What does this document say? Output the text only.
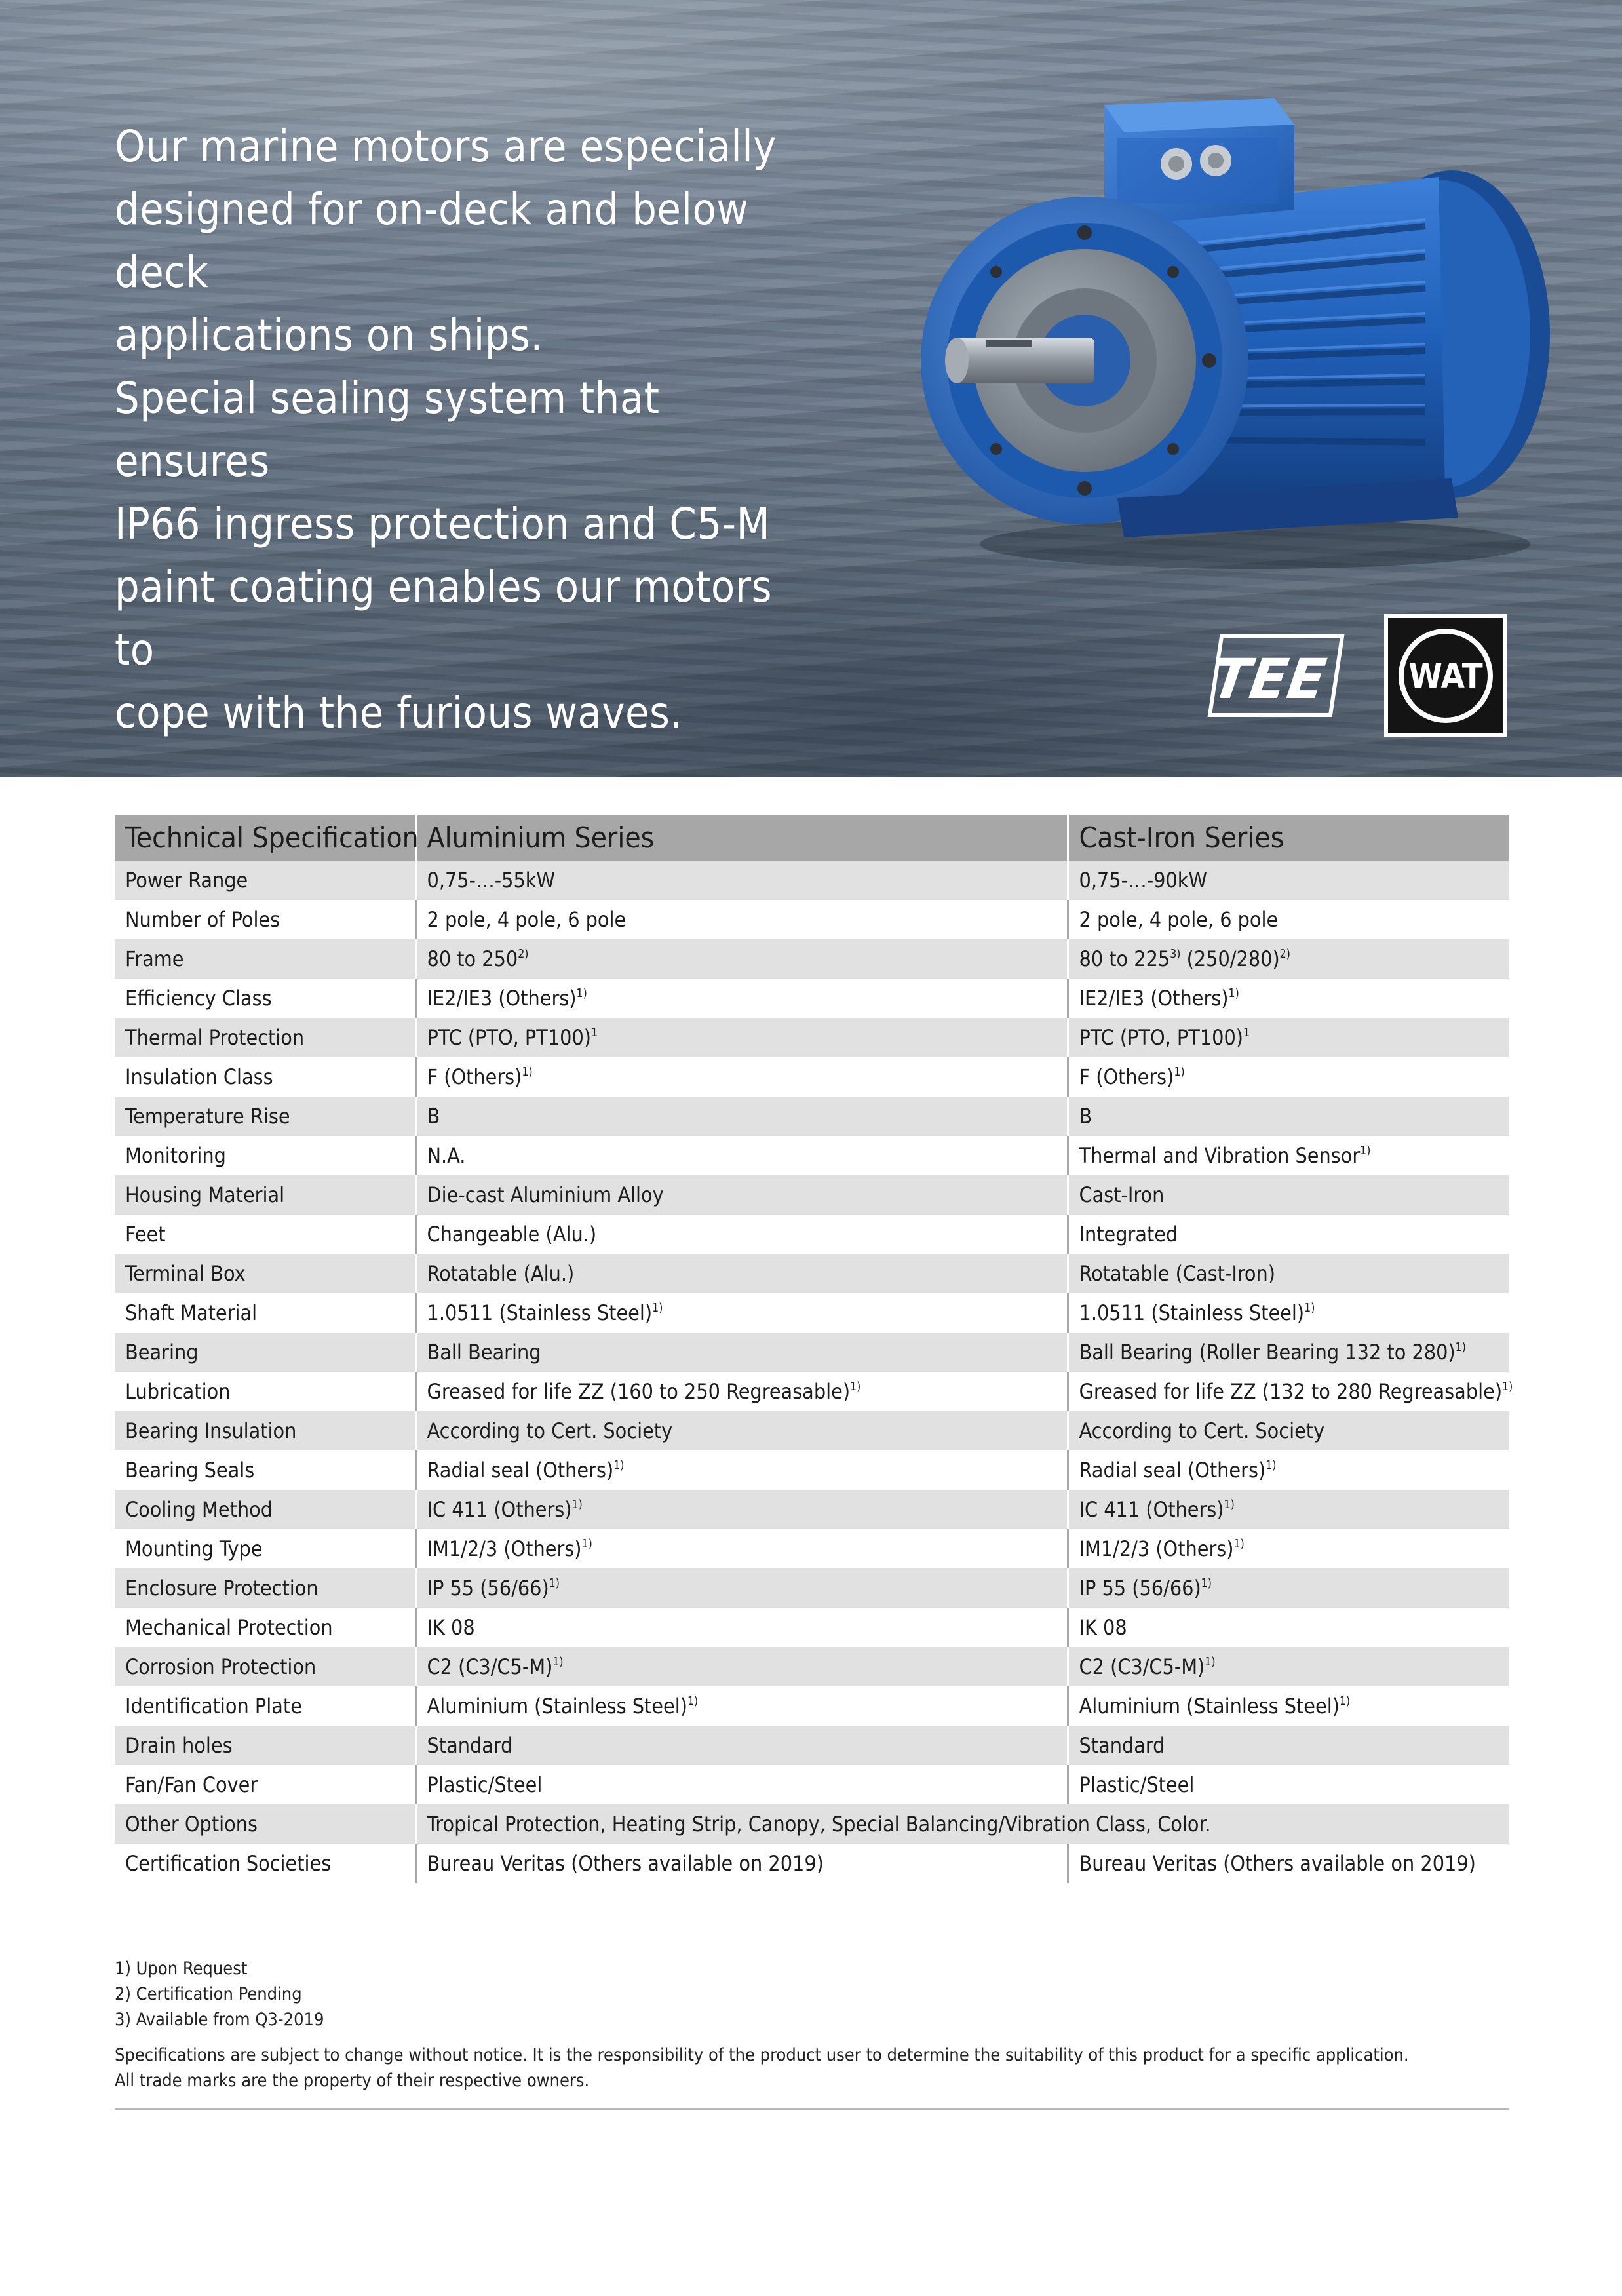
Our marine motors are especially
designed for on-deck and below deck
applications on ships.

Special sealing system that ensures
IP66 ingress protection and C5-M
paint coating enables our motors to
cope with the furious waves.

TEE WAT
Technical Specification	Aluminium Series	Cast-Iron Series
Power Range	0,75-…-55kW	0,75-…-90kW
Number of Poles	2 pole, 4 pole, 6 pole	2 pole, 4 pole, 6 pole
Frame	80 to 250$^{2)}$	80 to 225$^{3)}$ $(250/280)^{2)}$
Efficiency Class	IE2/IE3 (Others)$^{1)}$	IE2/IE3 (Others)$^{1)}$
Thermal Protection	PTC (PTO, PT100)$^1$	PTC (PTO, PT100)$^1$
Insulation Class	F (Others)$^{1)}$	F (Others)$^{1)}$
Temperature Rise	B	B
Monitoring	N.A.	Thermal and Vibration Sensor$^{1)}$
Housing Material	Die-cast Aluminium Alloy	Cast-Iron
Feet	Changeable (Alu.)	Integrated
Terminal Box	Rotatable (Alu.)	Rotatable (Cast-Iron)
Shaft Material	1.0511 (Stainless Steel)$^{1)}$	1.0511 (Stainless Steel)$^{1)}$
Bearing	Ball Bearing	Ball Bearing (Roller Bearing 132 to 280)$^{1)}$
Lubrication	Greased for life ZZ (160 to 250 Regreasable)$^{1)}$	Greased for life ZZ (132 to 280 Regreasable)$^{1)}$
Bearing Insulation	According to Cert. Society	According to Cert. Society
Bearing Seals	Radial seal (Others)$^{1)}$	Radial seal (Others)$^{1)}$
Cooling Method	IC 411 (Others)$^{1)}$	IC 411 (Others)$^{1)}$
Mounting Type	IM1/2/3 (Others)$^{1)}$	IM1/2/3 (Others)$^{1)}$
Enclosure Protection	IP 55 $(56/66)^{1)}$	IP 55 $(56/66)^{1)}$
Mechanical Protection	IK 08	IK 08
Corrosion Protection	C2 $(C3/C5-M)^{1)}$	C2 $(C3/C5-M)^{1)}$
Identification Plate	Aluminium (Stainless Steel)$^{1)}$	Aluminium (Stainless Steel)$^{1)}$
Drain holes	Standard	Standard
Fan/Fan Cover	Plastic/Steel	Plastic/Steel
Other Options	Tropical Protection, Heating Strip, Canopy, Special Balancing/Vibration Class, Color.	
Certification Societies	Bureau Veritas (Others available on 2019)	Bureau Veritas (Others available on 2019)

1) Upon Request

2) Certification Pending

3) Available from Q3-2019

Specifications are subject to change without notice. It is the responsibility of the product user to determine the suitability of this product for a specific application.

All trade marks are the property of their respective owners.
